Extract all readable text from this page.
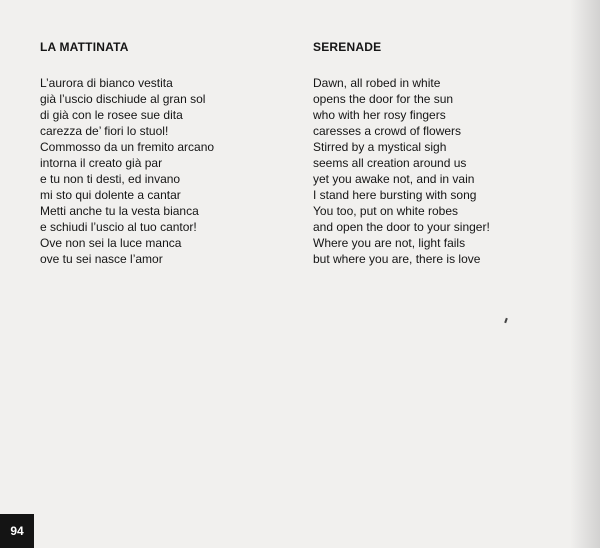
LA MATTINATA
L’aurora di bianco vestita
già l’uscio dischiude al gran sol
di già con le rosee sue dita
carezza de’ fiori lo stuol!
Commosso da un fremito arcano
intorna il creato già par
e tu non ti desti, ed invano
mi sto qui dolente a cantar
Metti anche tu la vesta bianca
e schiudi l’uscio al tuo cantor!
Ove non sei la luce manca
ove tu sei nasce l’amor
SERENADE
Dawn, all robed in white
opens the door for the sun
who with her rosy fingers
caresses a crowd of flowers
Stirred by a mystical sigh
seems all creation around us
yet you awake not, and in vain
I stand here bursting with song
You too, put on white robes
and open the door to your singer!
Where you are not, light fails
but where you are, there is love
94
